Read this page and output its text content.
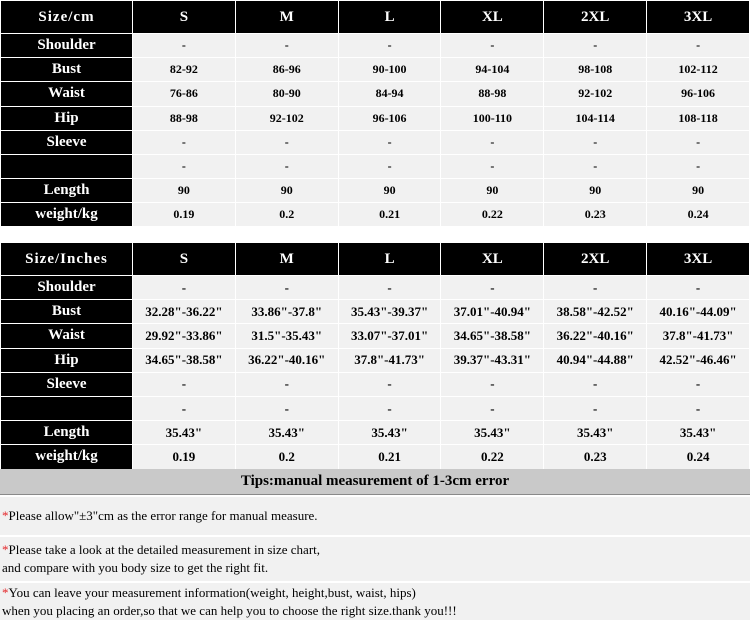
Size/cm	S	M	L	XL	2XL	3XL
Shoulder	-	-	-	-	-	-
Bust	82-92	86-96	90-100	94-104	98-108	102-112
Waist	76-86	80-90	84-94	88-98	92-102	96-106
Hip	88-98	92-102	96-106	100-110	104-114	108-118
Sleeve	-	-	-	-	-	-
	-	-	-	-	-	-
Length	90	90	90	90	90	90
weight/kg	0.19	0.2	0.21	0.22	0.23	0.24
Size/Inches	S	M	L	XL	2XL	3XL
Shoulder	-	-	-	-	-	-
Bust	32.28"-36.22"	33.86"-37.8"	35.43"-39.37"	37.01"-40.94"	38.58"-42.52"	40.16"-44.09"
Waist	29.92"-33.86"	31.5"-35.43"	33.07"-37.01"	34.65"-38.58"	36.22"-40.16"	37.8"-41.73"
Hip	34.65"-38.58"	36.22"-40.16"	37.8"-41.73"	39.37"-43.31"	40.94"-44.88"	42.52"-46.46"
Sleeve	-	-	-	-	-	-
	-	-	-	-	-	-
Length	35.43"	35.43"	35.43"	35.43"	35.43"	35.43"
weight/kg	0.19	0.2	0.21	0.22	0.23	0.24
Tips:manual measurement of 1-3cm error
*Please allow"±3"cm as the error range for manual measure.
*Please take a look at the detailed measurement in size chart,
and compare with you body size to get the right fit.
*You can leave your measurement information(weight, height,bust, waist, hips)
when you placing an order,so that we can help you to choose the right size.thank you!!!
